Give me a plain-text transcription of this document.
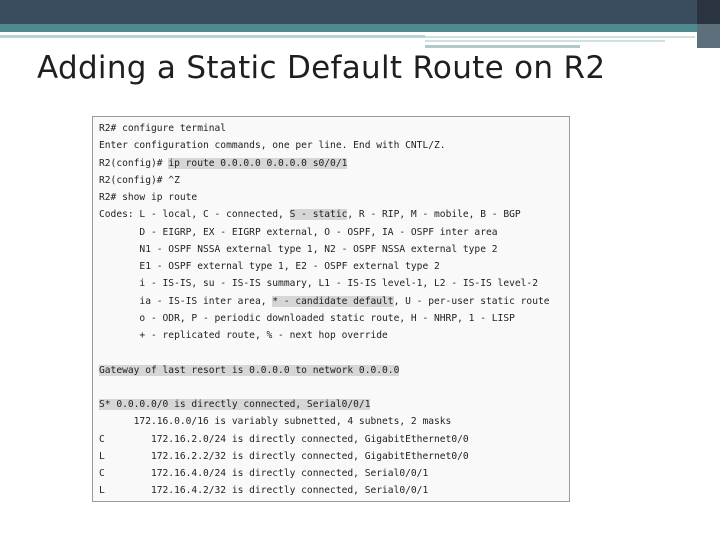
Adding a Static Default Route on R2
R2# configure terminal
Enter configuration commands, one per line. End with CNTL/Z.
R2(config)# ip route 0.0.0.0 0.0.0.0 s0/0/1
R2(config)# ^Z
R2# show ip route
Codes: L - local, C - connected, S - static, R - RIP, M - mobile, B - BGP
D - EIGRP, EX - EIGRP external, O - OSPF, IA - OSPF inter area
N1 - OSPF NSSA external type 1, N2 - OSPF NSSA external type 2
E1 - OSPF external type 1, E2 - OSPF external type 2
i - IS-IS, su - IS-IS summary, L1 - IS-IS level-1, L2 - IS-IS level-2
ia - IS-IS inter area, * - candidate default, U - per-user static route
o - ODR, P - periodic downloaded static route, H - NHRP, 1 - LISP
+ - replicated route, % - next hop override
Gateway of last resort is 0.0.0.0 to network 0.0.0.0
S* 0.0.0.0/0 is directly connected, Serial0/0/1
172.16.0.0/16 is variably subnetted, 4 subnets, 2 masks
C        172.16.2.0/24 is directly connected, GigabitEthernet0/0
L        172.16.2.2/32 is directly connected, GigabitEthernet0/0
C        172.16.4.0/24 is directly connected, Serial0/0/1
L        172.16.4.2/32 is directly connected, Serial0/0/1
